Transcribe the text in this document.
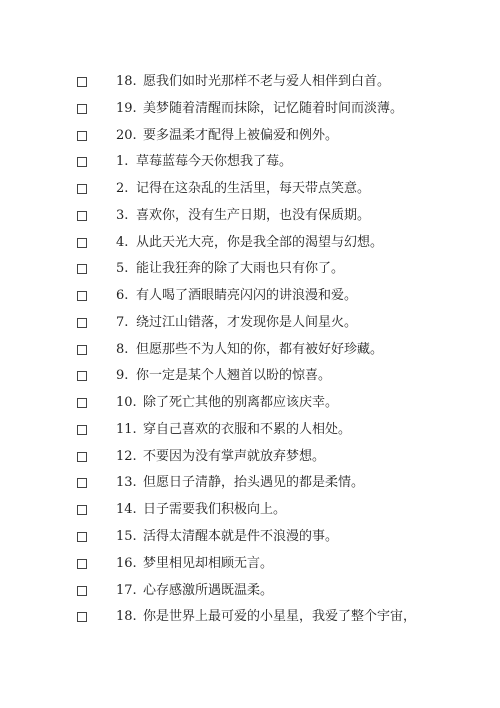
18. 愿我们如时光那样不老与爱人相伴到白首。
19. 美梦随着清醒而抹除，记忆随着时间而淡薄。
20. 要多温柔才配得上被偏爱和例外。
1. 草莓蓝莓今天你想我了莓。
2. 记得在这杂乱的生活里，每天带点笑意。
3. 喜欢你，没有生产日期，也没有保质期。
4. 从此天光大亮，你是我全部的渴望与幻想。
5. 能让我狂奔的除了大雨也只有你了。
6. 有人喝了酒眼睛亮闪闪的讲浪漫和爱。
7. 绕过江山错落，才发现你是人间星火。
8. 但愿那些不为人知的你，都有被好好珍藏。
9. 你一定是某个人翘首以盼的惊喜。
10. 除了死亡其他的别离都应该庆幸。
11. 穿自己喜欢的衣服和不累的人相处。
12. 不要因为没有掌声就放弃梦想。
13. 但愿日子清静，抬头遇见的都是柔情。
14. 日子需要我们积极向上。
15. 活得太清醒本就是件不浪漫的事。
16. 梦里相见却相顾无言。
17. 心存感激所遇既温柔。
18. 你是世界上最可爱的小星星，我爱了整个宇宙，
